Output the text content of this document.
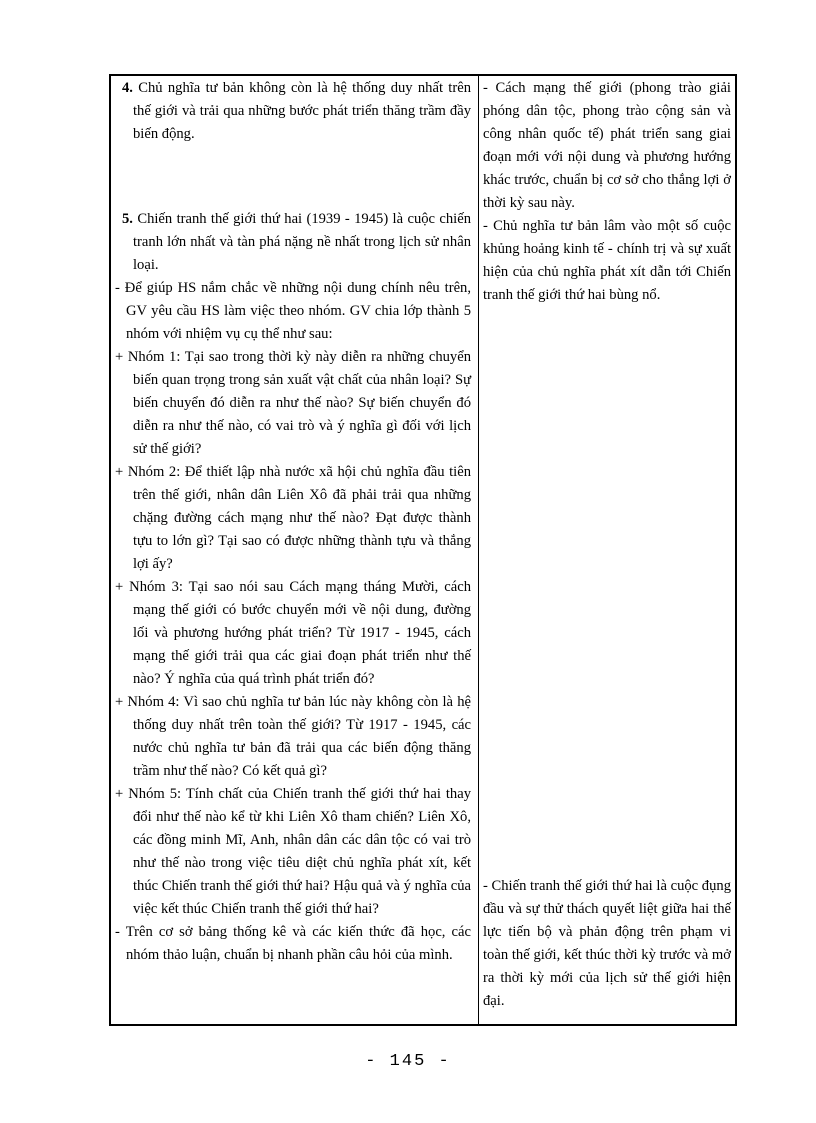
4. Chủ nghĩa tư bản không còn là hệ thống duy nhất trên thế giới và trải qua những bước phát triển thăng trầm đầy biến động.
5. Chiến tranh thế giới thứ hai (1939 - 1945) là cuộc chiến tranh lớn nhất và tàn phá nặng nề nhất trong lịch sử nhân loại.
- Để giúp HS nắm chắc về những nội dung chính nêu trên, GV yêu cầu HS làm việc theo nhóm. GV chia lớp thành 5 nhóm với nhiệm vụ cụ thể như sau:
+ Nhóm 1: Tại sao trong thời kỳ này diễn ra những chuyển biến quan trọng trong sản xuất vật chất của nhân loại? Sự biến chuyển đó diễn ra như thế nào? Sự biến chuyển đó diễn ra như thế nào, có vai trò và ý nghĩa gì đối với lịch sử thế giới?
+ Nhóm 2: Để thiết lập nhà nước xã hội chủ nghĩa đầu tiên trên thế giới, nhân dân Liên Xô đã phải trải qua những chặng đường cách mạng như thế nào? Đạt được thành tựu to lớn gì? Tại sao có được những thành tựu và thắng lợi ấy?
+ Nhóm 3: Tại sao nói sau Cách mạng tháng Mười, cách mạng thế giới có bước chuyển mới về nội dung, đường lối và phương hướng phát triển? Từ 1917 - 1945, cách mạng thế giới trải qua các giai đoạn phát triển như thế nào? Ý nghĩa của quá trình phát triển đó?
+ Nhóm 4: Vì sao chủ nghĩa tư bản lúc này không còn là hệ thống duy nhất trên toàn thế giới? Từ 1917 - 1945, các nước chủ nghĩa tư bản đã trải qua các biến động thăng trầm như thế nào? Có kết quả gì?
+ Nhóm 5: Tính chất của Chiến tranh thế giới thứ hai thay đổi như thế nào kể từ khi Liên Xô tham chiến? Liên Xô, các đồng minh Mĩ, Anh, nhân dân các dân tộc có vai trò như thế nào trong việc tiêu diệt chủ nghĩa phát xít, kết thúc Chiến tranh thế giới thứ hai? Hậu quả và ý nghĩa của việc kết thúc Chiến tranh thế giới thứ hai?
- Trên cơ sở bảng thống kê và các kiến thức đã học, các nhóm thảo luận, chuẩn bị nhanh phần câu hỏi của mình.
- Cách mạng thế giới (phong trào giải phóng dân tộc, phong trào cộng sản và công nhân quốc tế) phát triển sang giai đoạn mới với nội dung và phương hướng khác trước, chuẩn bị cơ sở cho thắng lợi ở thời kỳ sau này.
- Chủ nghĩa tư bản lâm vào một số cuộc khủng hoảng kinh tế - chính trị và sự xuất hiện của chủ nghĩa phát xít dẫn tới Chiến tranh thế giới thứ hai bùng nổ.
- Chiến tranh thế giới thứ hai là cuộc đụng đầu và sự thử thách quyết liệt giữa hai thế lực tiến bộ và phản động trên phạm vi toàn thế giới, kết thúc thời kỳ trước và mở ra thời kỳ mới của lịch sử thế giới hiện đại.
- 145 -
